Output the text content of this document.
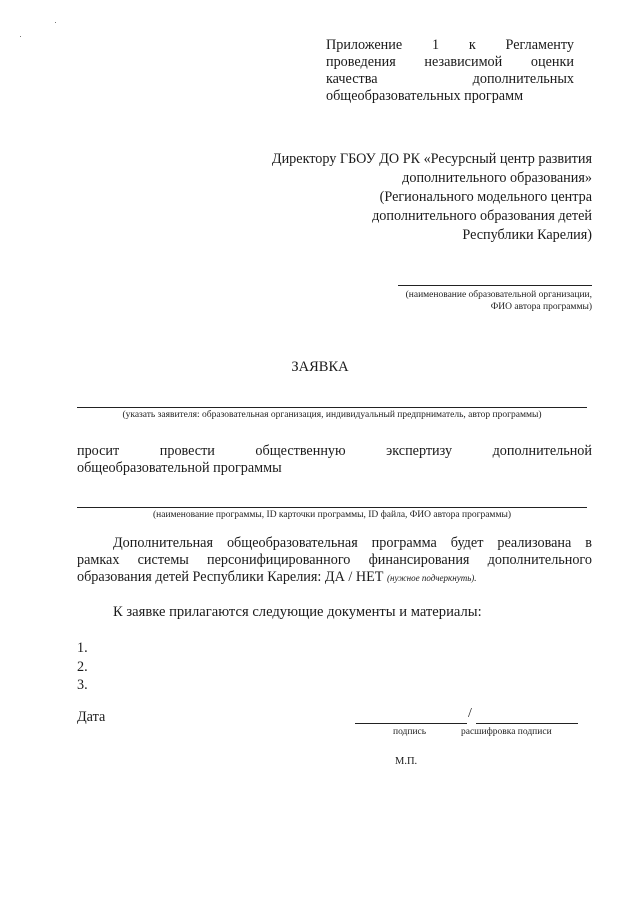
Приложение 1 к Регламенту
проведения независимой оценки
качества дополнительных
общеобразовательных программ
Директору ГБОУ ДО РК «Ресурсный центр развития
дополнительного образования»
(Регионального модельного центра
дополнительного образования детей
Республики Карелия)
(наименование образовательной организации,
ФИО автора программы)
ЗАЯВКА
(указать заявителя: образовательная организация, индивидуальный предпрниматель, автор программы)
просит провести общественную экспертизу дополнительной
общеобразовательной программы
(наименование программы, ID карточки программы, ID файла, ФИО автора программы)
Дополнительная общеобразовательная программа будет реализована в
рамках системы персонифицированного финансирования дополнительного
образования детей Республики Карелия: ДА / НЕТ (нужное подчеркнуть).
К заявке прилагаются следующие документы и материалы:
1.
2.
3.
Дата	/
подпись	расшифровка подписи
М.П.
